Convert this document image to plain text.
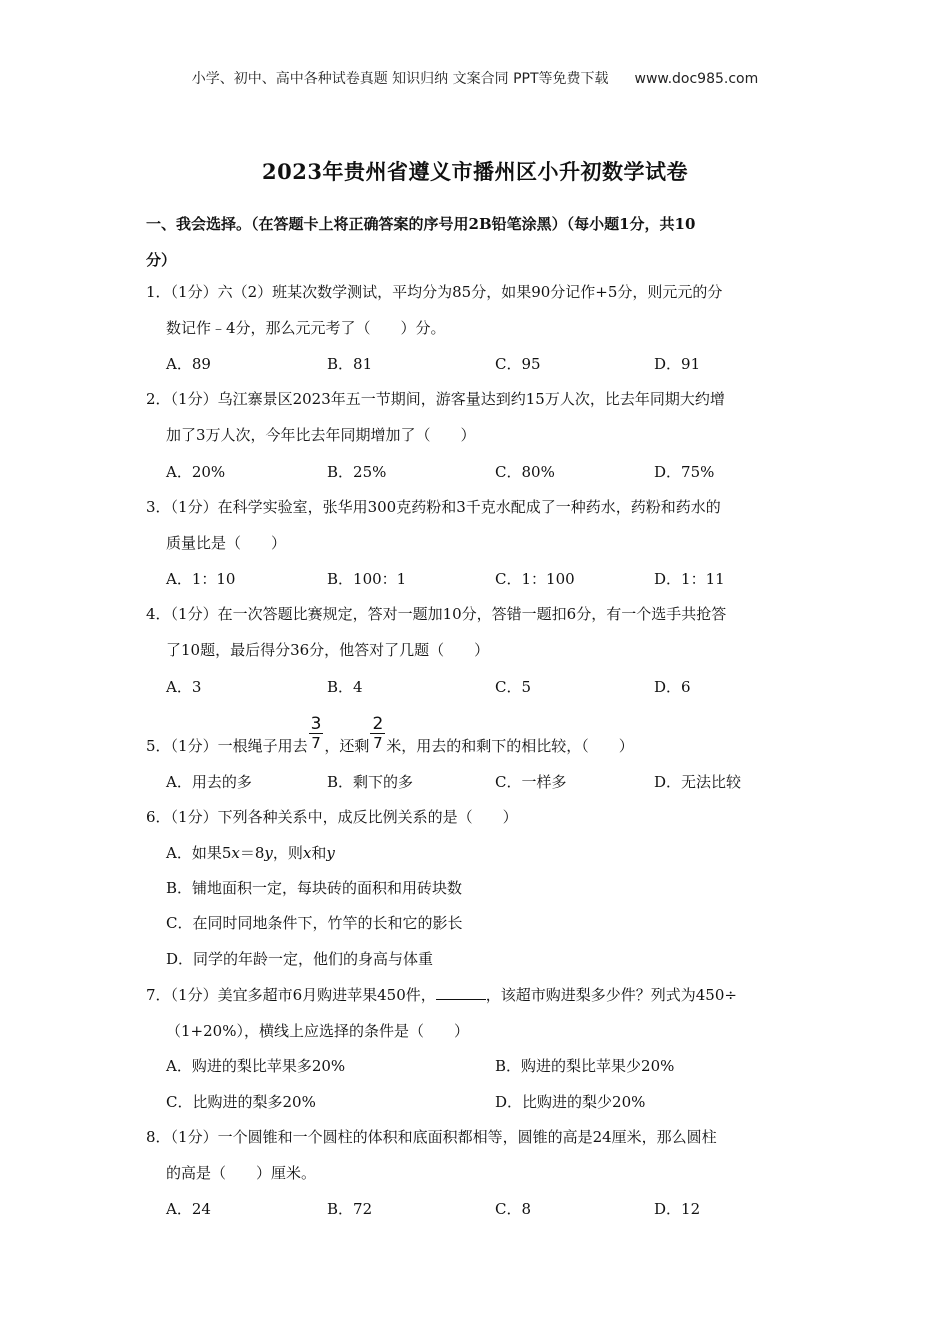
小学、初中、高中各种试卷真题 知识归纳 文案合同 PPT等免费下载 www.doc985.com
2023年贵州省遵义市播州区小升初数学试卷
一、我会选择。（在答题卡上将正确答案的序号用2B铅笔涂黑）（每小题1分，共10
分）
1．（1分）六（2）班某次数学测试，平均分为85分，如果90分记作+5分，则元元的分
数记作﹣4分，那么元元考了（　　）分。
A．89	B．81	C．95	D．91
2．（1分）乌江寨景区2023年五一节期间，游客量达到约15万人次，比去年同期大约增
加了3万人次，今年比去年同期增加了（　　）
A．20%	B．25%	C．80%	D．75%
3．（1分）在科学实验室，张华用300克药粉和3千克水配成了一种药水，药粉和药水的
质量比是（　　）
A．1：10	B．100：1	C．1：100	D．1：11
4．（1分）在一次答题比赛规定，答对一题加10分，答错一题扣6分，有一个选手共抢答
了10题，最后得分36分，他答对了几题（　　）
A．3	B．4	C．5	D．6
5．（1分）一根绳子用去 $\frac{3}{7}$ ，还剩 $\frac{2}{7}$ 米，用去的和剩下的相比较，（　　）
A．用去的多	B．剩下的多	C．一样多	D．无法比较
6．（1分）下列各种关系中，成反比例关系的是（　　）
A．如果5x＝8y，则x和y
B．铺地面积一定，每块砖的面积和用砖块数
C．在同时同地条件下，竹竿的长和它的影长
D．同学的年龄一定，他们的身高与体重
7．（1分）美宜多超市6月购进苹果450件，	，该超市购进梨多少件？列式为450÷
（1+20%），横线上应选择的条件是（　　）
A．购进的梨比苹果多20%	B．购进的梨比苹果少20%
C．比购进的梨多20%	D．比购进的梨少20%
8．（1分）一个圆锥和一个圆柱的体积和底面积都相等，圆锥的高是24厘米，那么圆柱
的高是（　　）厘米。
A．24	B．72	C．8	D．12
